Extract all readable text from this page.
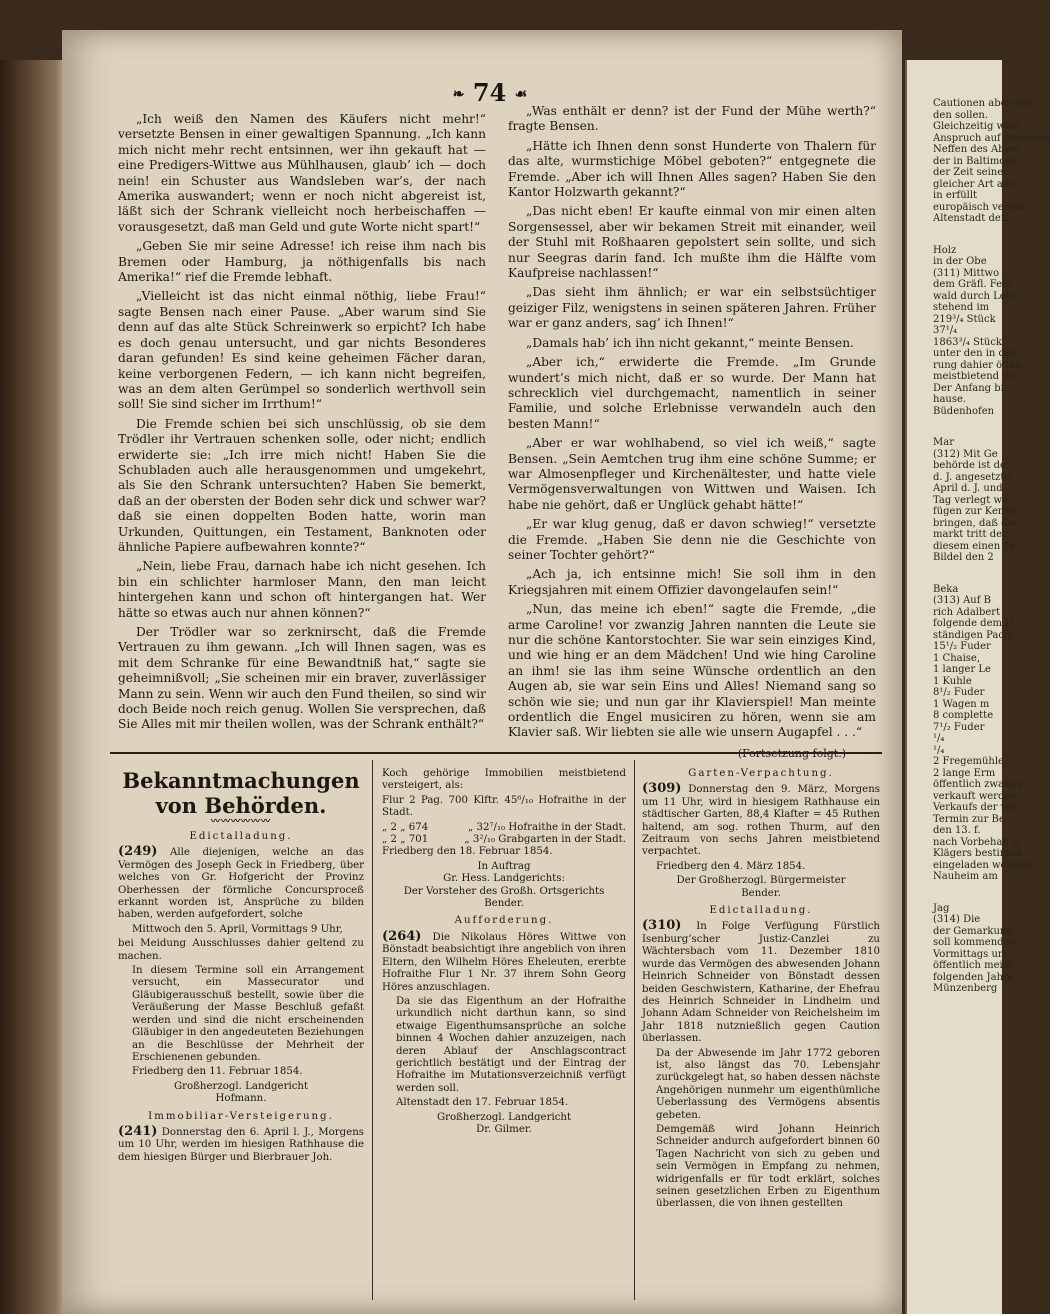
Cautionen aber pen
den sollen.
Gleichzeitig wird
Anspruch auf Abwesen
Neffen des Abwe
der in Baltimore
der Zeit seiner
gleicher Art aus
in erfüllt
europäisch verma
Altenstadt den
Holz
in der Obe
(311) Mittwo
dem Gräfl. Fels
wald durch Lene
stehend im
219³/₄ Stück
37¹/₄
1863³/₄ Stück
unter den in der
rung dahier öffen
meistbietend ve
Der Anfang bi
hause.
Büdenhofen
Mar
(312) Mit Ge
behörde ist de
d. J. angesetzte
April d. J. und
Tag verlegt wo
fügen zur Kennt
bringen, daß die
markt tritt den
diesem einen Ta
Bildel den 2
Beka
(313) Auf B
rich Adalbert
folgende dem D
ständigen Pacht
15¹/₂ Fuder
1 Chaise,
1 langer Le
1 Kuhle
8¹/₂ Fuder
1 Wagen m
8 complette
7¹/₂ Fuder
¹/₄
¹/₄
2 Fregemühle
2 lange Erm
öffentlich zwangs
verkauft werden
Verkaufs der vor
Termin zur Be
den 13. f.
nach Vorbehalt a
Klägers bestimmt
eingeladen werden
Nauheim am
Jag
(314) Die
der Gemarkung
soll kommenden
Vormittags um
öffentlich meist
folgenden Jahre
Münzenberg
❧ 74 ☙

„Ich weiß den Namen des Käufers nicht mehr!“ versetzte Bensen in einer gewaltigen Spannung. „Ich kann mich nicht mehr recht entsinnen, wer ihn gekauft hat — eine Predigers-Wittwe aus Mühlhausen, glaub’ ich — doch nein! ein Schuster aus Wandsleben war’s, der nach Amerika auswandert; wenn er noch nicht abgereist ist, läßt sich der Schrank vielleicht noch herbeischaffen — vorausgesetzt, daß man Geld und gute Worte nicht spart!“

„Geben Sie mir seine Adresse! ich reise ihm nach bis Bremen oder Hamburg, ja nöthigenfalls bis nach Amerika!“ rief die Fremde lebhaft.

„Vielleicht ist das nicht einmal nöthig, liebe Frau!“ sagte Bensen nach einer Pause. „Aber warum sind Sie denn auf das alte Stück Schreinwerk so erpicht? Ich habe es doch genau untersucht, und gar nichts Besonderes daran gefunden! Es sind keine geheimen Fächer daran, keine verborgenen Federn, — ich kann nicht begreifen, was an dem alten Gerümpel so sonderlich werthvoll sein soll! Sie sind sicher im Irrthum!“

Die Fremde schien bei sich unschlüssig, ob sie dem Trödler ihr Vertrauen schenken solle, oder nicht; endlich erwiderte sie: „Ich irre mich nicht! Haben Sie die Schubladen auch alle herausgenommen und umgekehrt, als Sie den Schrank untersuchten? Haben Sie bemerkt, daß an der obersten der Boden sehr dick und schwer war? daß sie einen doppelten Boden hatte, worin man Urkunden, Quittungen, ein Testament, Banknoten oder ähnliche Papiere aufbewahren konnte?“

„Nein, liebe Frau, darnach habe ich nicht gesehen. Ich bin ein schlichter harmloser Mann, den man leicht hintergehen kann und schon oft hintergangen hat. Wer hätte so etwas auch nur ahnen können?“

Der Trödler war so zerknirscht, daß die Fremde Vertrauen zu ihm gewann. „Ich will Ihnen sagen, was es mit dem Schranke für eine Bewandtniß hat,“ sagte sie geheimnißvoll; „Sie scheinen mir ein braver, zuverlässiger Mann zu sein. Wenn wir auch den Fund theilen, so sind wir doch Beide noch reich genug. Wollen Sie versprechen, daß Sie Alles mit mir theilen wollen, was der Schrank enthält?“

„Was enthält er denn? ist der Fund der Mühe werth?“ fragte Bensen.

„Hätte ich Ihnen denn sonst Hunderte von Thalern für das alte, wurmstichige Möbel geboten?“ entgegnete die Fremde. „Aber ich will Ihnen Alles sagen? Haben Sie den Kantor Holzwarth gekannt?“

„Das nicht eben! Er kaufte einmal von mir einen alten Sorgensessel, aber wir bekamen Streit mit einander, weil der Stuhl mit Roßhaaren gepolstert sein sollte, und sich nur Seegras darin fand. Ich mußte ihm die Hälfte vom Kaufpreise nachlassen!“

„Das sieht ihm ähnlich; er war ein selbstsüchtiger geiziger Filz, wenigstens in seinen späteren Jahren. Früher war er ganz anders, sag’ ich Ihnen!“

„Damals hab’ ich ihn nicht gekannt,“ meinte Bensen.

„Aber ich,“ erwiderte die Fremde. „Im Grunde wundert’s mich nicht, daß er so wurde. Der Mann hat schrecklich viel durchgemacht, namentlich in seiner Familie, und solche Erlebnisse verwandeln auch den besten Mann!“

„Aber er war wohlhabend, so viel ich weiß,“ sagte Bensen. „Sein Aemtchen trug ihm eine schöne Summe; er war Almosenpfleger und Kirchenältester, und hatte viele Vermögensverwaltungen von Wittwen und Waisen. Ich habe nie gehört, daß er Unglück gehabt hätte!“

„Er war klug genug, daß er davon schwieg!“ versetzte die Fremde. „Haben Sie denn nie die Geschichte von seiner Tochter gehört?“

„Ach ja, ich entsinne mich! Sie soll ihm in den Kriegsjahren mit einem Offizier davongelaufen sein!“

„Nun, das meine ich eben!“ sagte die Fremde, „die arme Caroline! vor zwanzig Jahren nannten die Leute sie nur die schöne Kantorstochter. Sie war sein einziges Kind, und wie hing er an dem Mädchen! Und wie hing Caroline an ihm! sie las ihm seine Wünsche ordentlich an den Augen ab, sie war sein Eins und Alles! Niemand sang so schön wie sie; und nun gar ihr Klavierspiel! Man meinte ordentlich die Engel musiciren zu hören, wenn sie am Klavier saß. Wir liebten sie alle wie unsern Augapfel . . .“

(Fortsetzung folgt.)
Bekanntmachungen von Behörden.
〰〰〰〰〰〰
Edictalladung.

(249) Alle diejenigen, welche an das Vermögen des Joseph Geck in Friedberg, über welches von Gr. Hofgericht der Provinz Oberhessen der förmliche Concursproceß erkannt worden ist, Ansprüche zu bilden haben, werden aufgefordert, solche

Mittwoch den 5. April, Vormittags 9 Uhr,

bei Meidung Ausschlusses dahier geltend zu machen.

In diesem Termine soll ein Arrangement versucht, ein Massecurator und Gläubigerausschuß bestellt, sowie über die Veräußerung der Masse Beschluß gefaßt werden und sind die nicht erscheinenden Gläubiger in den angedeuteten Beziehungen an die Beschlüsse der Mehrheit der Erschienenen gebunden.

Friedberg den 11. Februar 1854.

Großherzogl. Landgericht

Hofmann.

Immobiliar-Versteigerung.

(241) Donnerstag den 6. April l. J., Morgens um 10 Uhr, werden im hiesigen Rathhause die dem hiesigen Bürger und Bierbrauer Joh.

Koch gehörige Immobilien meistbietend versteigert, als:

Flur 2 Pag. 700 Klftr. 45⁶/₁₀ Hofraithe in der Stadt.

„ 2 „ 674	„ 32⁷/₁₀ Hofraithe in der Stadt.

„ 2 „ 701	„ 3²/₁₀ Grabgarten in der Stadt.

Friedberg den 18. Februar 1854.

In Auftrag

Gr. Hess. Landgerichts:

Der Vorsteher des Großh. Ortsgerichts

Bender.

Aufforderung.

(264) Die Nikolaus Höres Wittwe von Bönstadt beabsichtigt ihre angeblich von ihren Eltern, den Wilhelm Höres Eheleuten, ererbte Hofraithe Flur 1 Nr. 37 ihrem Sohn Georg Höres anzuschlagen.

Da sie das Eigenthum an der Hofraithe urkundlich nicht darthun kann, so sind etwaige Eigenthumsansprüche an solche binnen 4 Wochen dahier anzuzeigen, nach deren Ablauf der Anschlagscontract gerichtlich bestätigt und der Eintrag der Hofraithe im Mutationsverzeichniß verfügt werden soll.

Altenstadt den 17. Februar 1854.

Großherzogl. Landgericht

Dr. Gilmer.

Garten-Verpachtung.

(309) Donnerstag den 9. März, Morgens um 11 Uhr, wird in hiesigem Rathhause ein städtischer Garten, 88,4 Klafter = 45 Ruthen haltend, am sog. rothen Thurm, auf den Zeitraum von sechs Jahren meistbietend verpachtet.

Friedberg den 4. März 1854.

Der Großherzogl. Bürgermeister

Bender.

Edictalladung.

(310) In Folge Verfügung Fürstlich Isenburg’scher Justiz-Canzlei zu Wächtersbach vom 11. Dezember 1810 wurde das Vermögen des abwesenden Johann Heinrich Schneider von Bönstadt dessen beiden Geschwistern, Katharine, der Ehefrau des Heinrich Schneider in Lindheim und Johann Adam Schneider von Reichelsheim im Jahr 1818 nutznießlich gegen Caution überlassen.

Da der Abwesende im Jahr 1772 geboren ist, also längst das 70. Lebensjahr zurückgelegt hat, so haben dessen nächste Angehörigen nunmehr um eigenthümliche Ueberlassung des Vermögens absentis gebeten.

Demgemäß wird Johann Heinrich Schneider andurch aufgefordert binnen 60 Tagen Nachricht von sich zu geben und sein Vermögen in Empfang zu nehmen, widrigenfalls er für todt erklärt, solches seinen gesetzlichen Erben zu Eigenthum überlassen, die von ihnen gestellten
